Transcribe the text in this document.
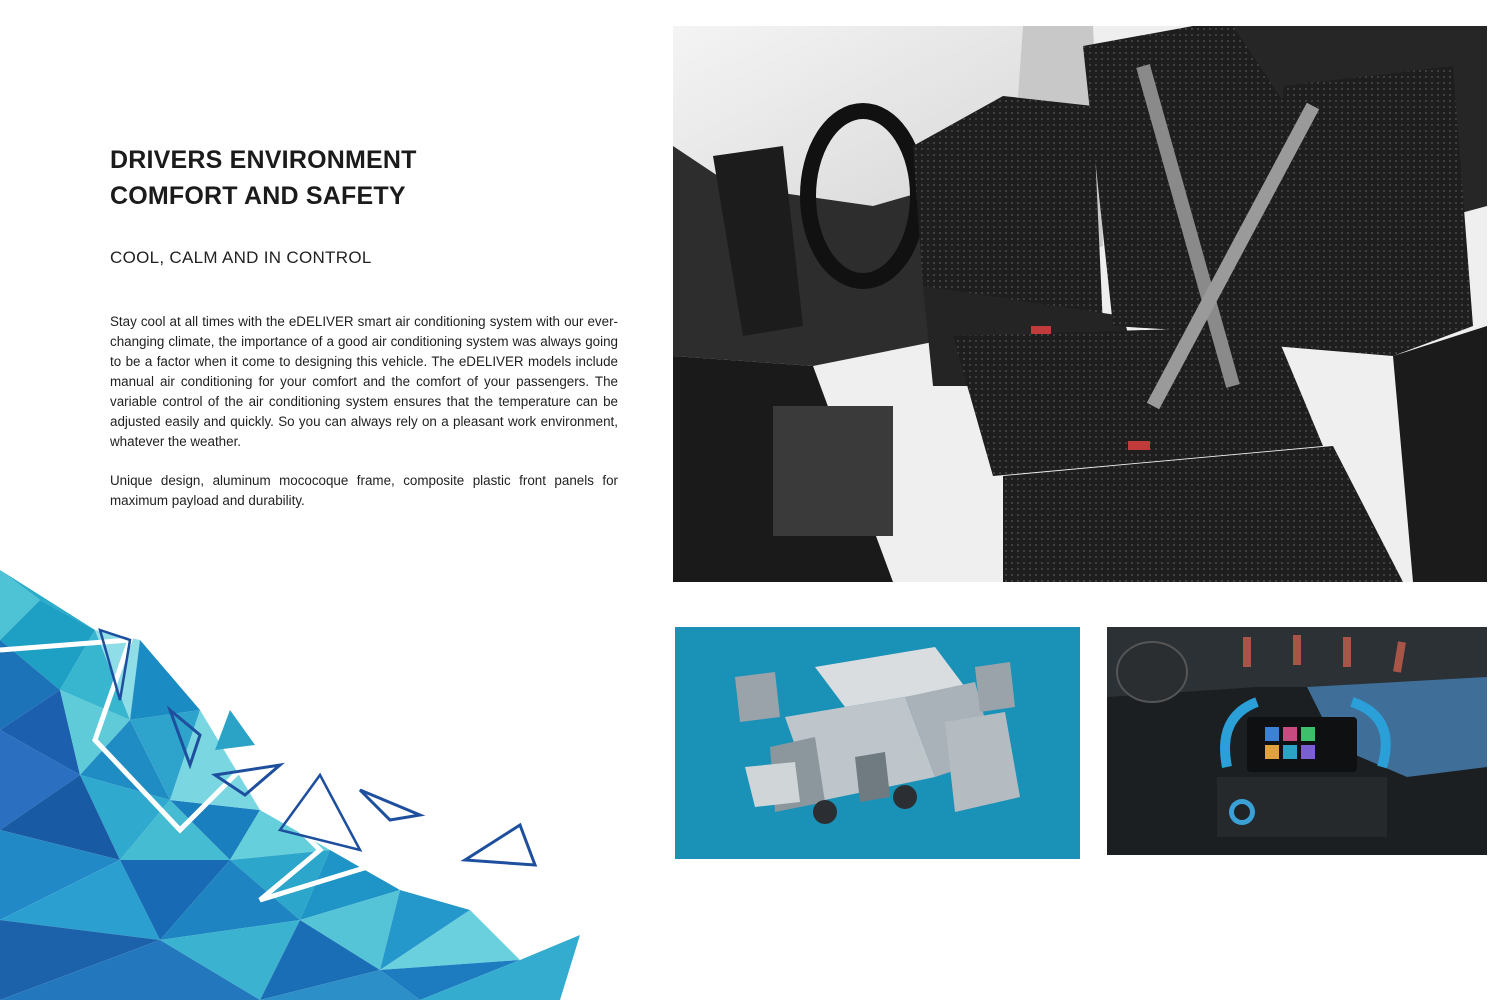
DRIVERS ENVIRONMENT
COMFORT AND SAFETY
COOL, CALM AND IN CONTROL

Stay cool at all times with the eDELIVER smart air conditioning system with our ever-changing climate, the importance of a good air conditioning system was always going to be a factor when it come to designing this vehicle. The eDELIVER models include manual air conditioning for your comfort and the comfort of your passengers. The variable control of the air conditioning system ensures that the temperature can be adjusted easily and quickly. So you can always rely on a pleasant work environment, whatever the weather.

Unique design, aluminum mococoque frame, composite plastic front panels for maximum payload and durability.
